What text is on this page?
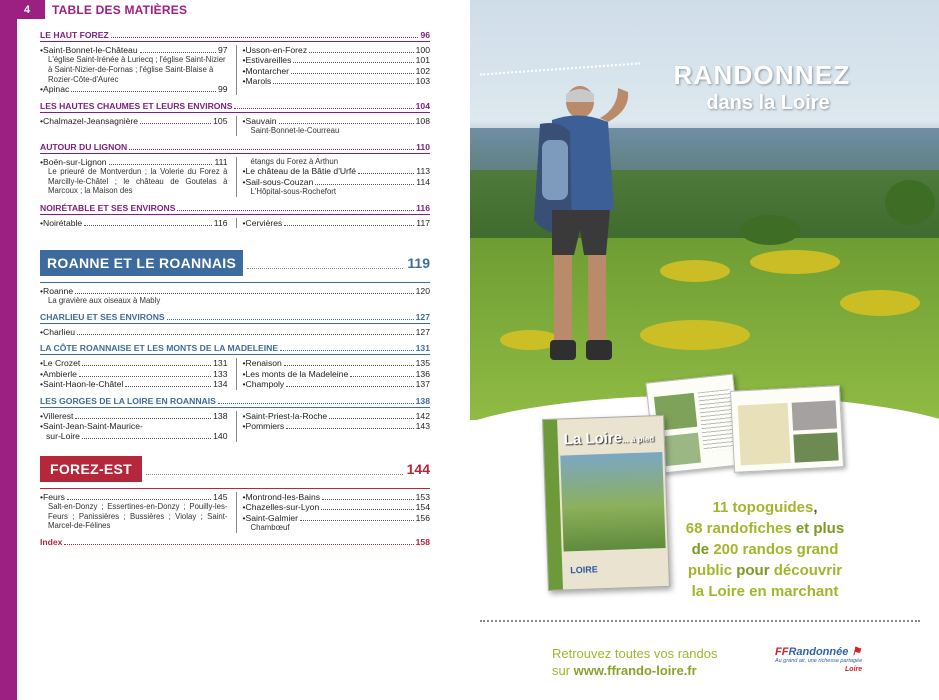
4	TABLE DES MATIÈRES
LE HAUT FOREZ	96
• Saint-Bonnet-le-Château	97
L'église Saint-Irénée à Luriecq ; l'église Saint-Nizier à Saint-Nizier-de-Fornas ; l'église Saint-Blaise à Rozier-Côte-d'Aurec
• Apinac	99
• Usson-en-Forez	100
• Estivareilles	101
• Montarcher	102
• Marols	103
LES HAUTES CHAUMES ET LEURS ENVIRONS	104
• Chalmazel-Jeansagnière	105 • Sauvain	108
Saint-Bonnet-le-Courreau
AUTOUR DU LIGNON	110
• Boën-sur-Lignon	111
Le prieuré de Montverdun ; la Volerie du Forez à Marcilly-le-Châtel ; le château de Goutelas à Marcoux ; la Maison des
étangs du Forez à Arthun
• Le château de la Bâtie d'Urfé	113
• Sail-sous-Couzan	114
L'Hôpital-sous-Rochefort
NOIRÉTABLE ET SES ENVIRONS	116
• Noirétable	116 • Cervières	117
ROANNE ET LE ROANNAIS	119
• Roanne	120
La gravière aux oiseaux à Mably
CHARLIEU ET SES ENVIRONS	127
• Charlieu	127
LA CÔTE ROANNAISE ET LES MONTS DE LA MADELEINE	131
• Le Crozet	131
• Ambierle	133
• Saint-Haon-le-Châtel	134
• Renaison	135
• Les monts de la Madeleine	136
• Champoly	137
LES GORGES DE LA LOIRE EN ROANNAIS	138
• Villerest	138
• Saint-Jean-Saint-Maurice-
sur-Loire	140
• Saint-Priest-la-Roche	142
• Pommiers	143
FOREZ-EST	144
• Feurs	145
Salt-en-Donzy ; Essertines-en-Donzy ; Pouilly-les-Feurs ; Panissières ; Bussières ; Violay ; Saint-Marcel-de-Félines
• Montrond-les-Bains	153
• Chazelles-sur-Lyon	154
• Saint-Galmier	156
Chambœuf
Index	158
RANDONNEZ
dans la Loire
La Loire... à pied
LOIRE
11 topoguides,
68 randofiches et plus
de 200 randos grand
public pour découvrir
la Loire en marchant
Retrouvez toutes vos randos
sur www.ffrando-loire.fr
FFRandonnée ⚑
Au grand air, une richesse partagée
Loire
